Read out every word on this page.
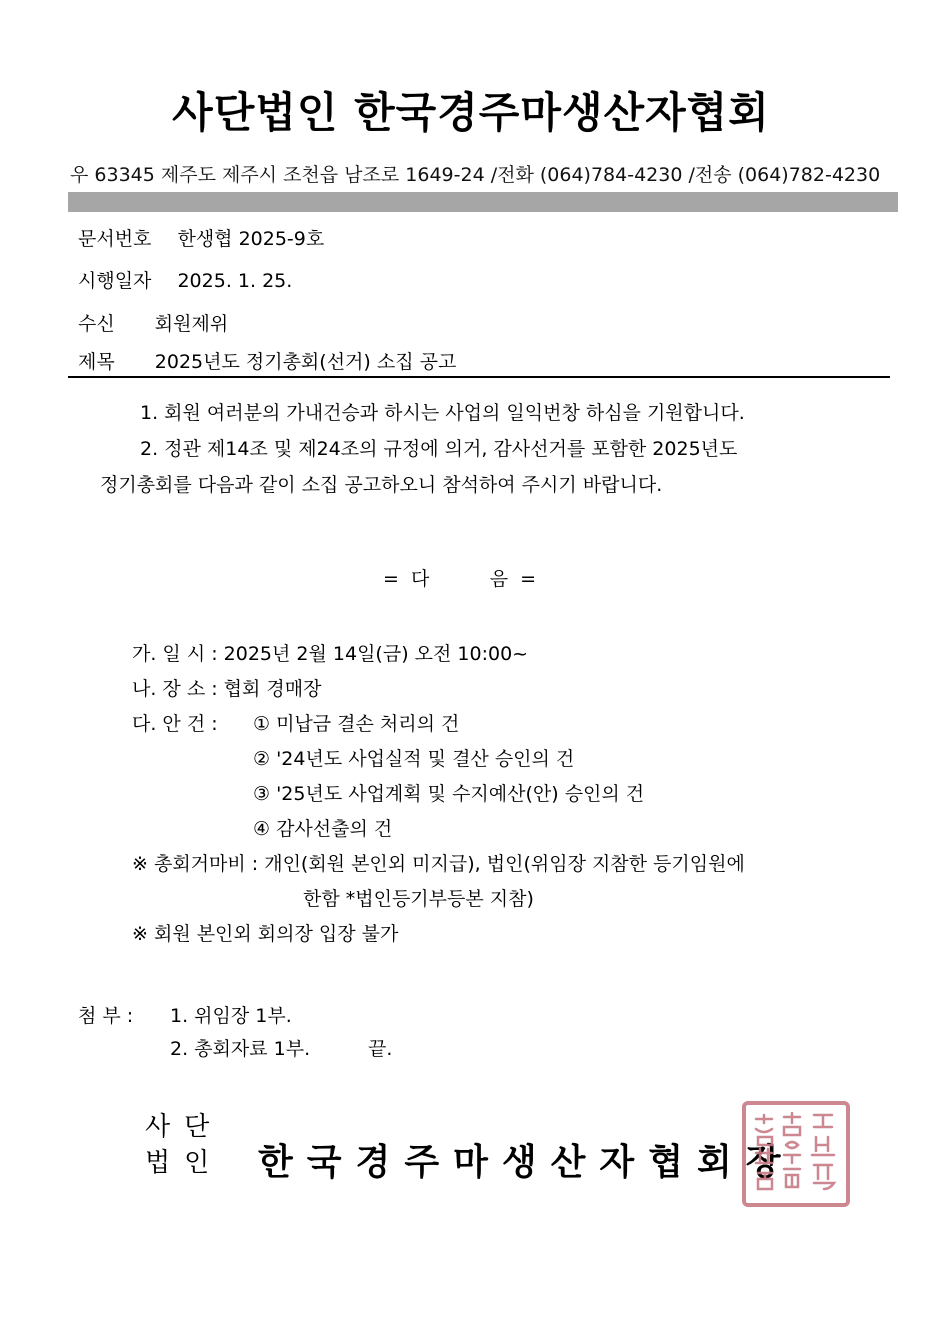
사단법인 한국경주마생산자협회
우 63345 제주도 제주시 조천읍 남조로 1649-24 /전화 (064)784-4230 /전송 (064)782-4230
문서번호 한생협 2025-9호
시행일자 2025. 1. 25.
수신 회원제위
제목 2025년도 정기총회(선거) 소집 공고
1. 회원 여러분의 가내건승과 하시는 사업의 일익번창 하심을 기원합니다.
2. 정관 제14조 및 제24조의 규정에 의거, 감사선거를 포함한 2025년도
정기총회를 다음과 같이 소집 공고하오니 참석하여 주시기 바랍니다.
=  다          음  =
가. 일 시 : 2025년 2월 14일(금) 오전 10:00~
나. 장 소 : 협회 경매장
다. 안 건 : ① 미납금 결손 처리의 건
② '24년도 사업실적 및 결산 승인의 건
③ '25년도 사업계획 및 수지예산(안) 승인의 건
④ 감사선출의 건
※ 총회거마비 : 개인(회원 본인외 미지급), 법인(위임장 지참한 등기임원에
한함 *법인등기부등본 지참)
※ 회원 본인외 회의장 입장 불가
첨 부 : 1. 위임장 1부.
2. 총회자료 1부.	끝.
사단
법인 한국경주마생산자협회장
